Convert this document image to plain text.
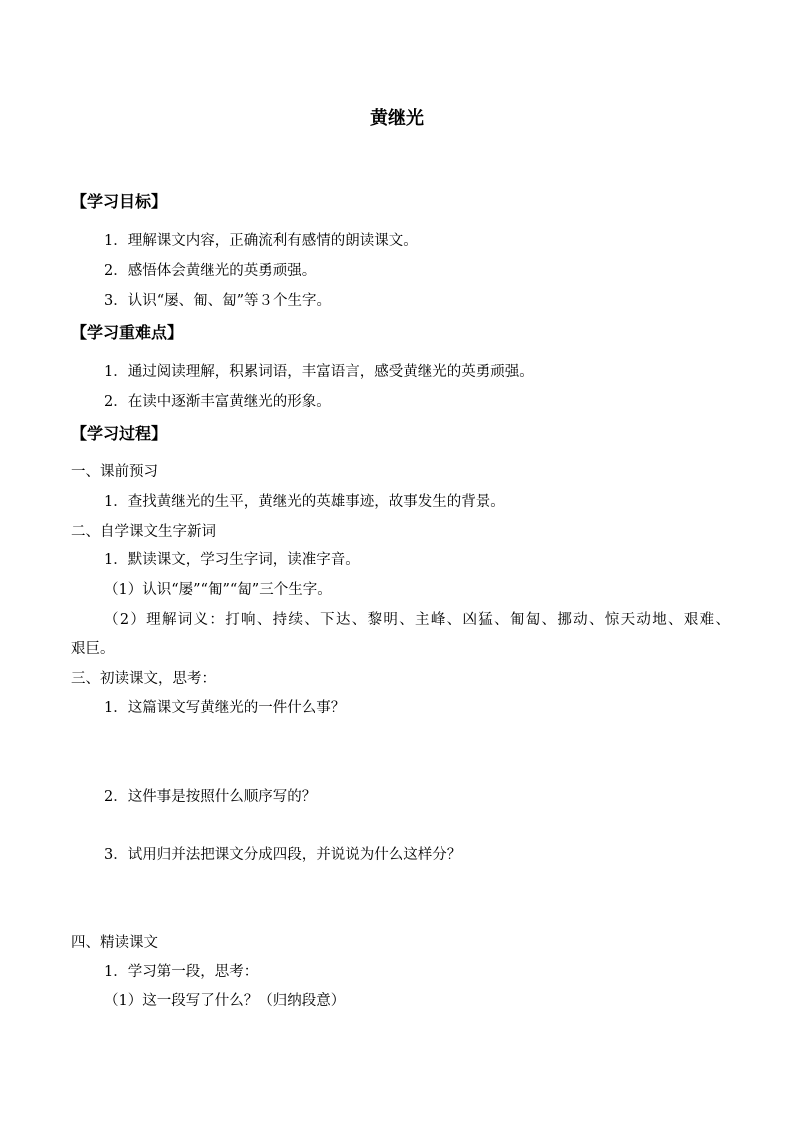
黄继光
【学习目标】
1．理解课文内容，正确流利有感情的朗读课文。
2．感悟体会黄继光的英勇顽强。
3．认识“屡、匍、匐”等３个生字。
【学习重难点】
1．通过阅读理解，积累词语，丰富语言，感受黄继光的英勇顽强。
2．在读中逐渐丰富黄继光的形象。
【学习过程】
一、课前预习
1．查找黄继光的生平，黄继光的英雄事迹，故事发生的背景。
二、自学课文生字新词
1．默读课文，学习生字词，读准字音。
（1）认识“屡”“匍”“匐”三个生字。
（2）理解词义：打响、持续、下达、黎明、主峰、凶猛、匍匐、挪动、惊天动地、艰难、
艰巨。
三、初读课文，思考：
1．这篇课文写黄继光的一件什么事？
2．这件事是按照什么顺序写的？
3．试用归并法把课文分成四段，并说说为什么这样分？
四、精读课文
1．学习第一段，思考：
（1）这一段写了什么？（归纳段意）
